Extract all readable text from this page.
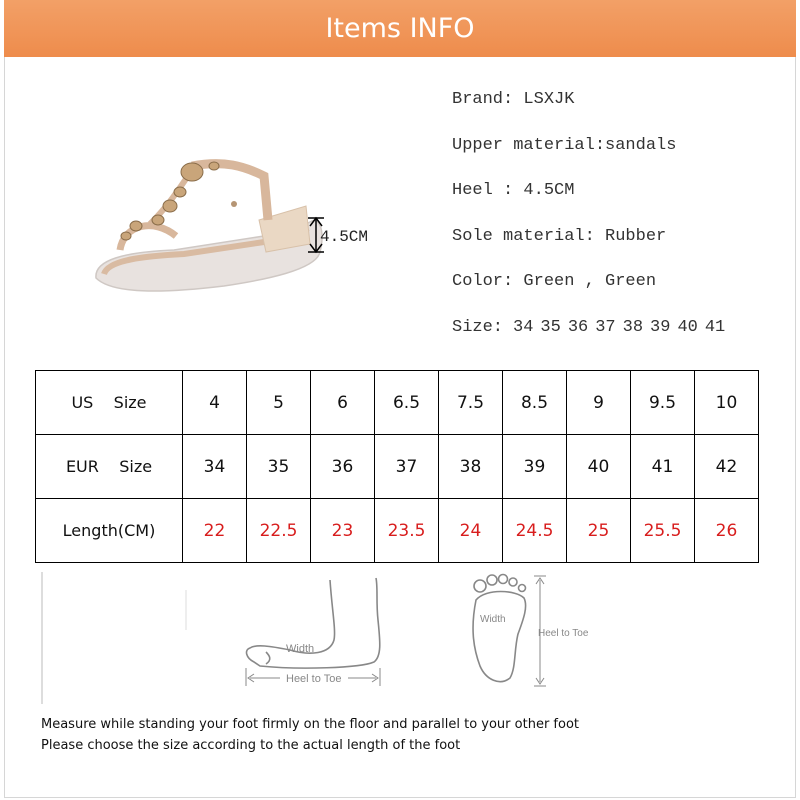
Items INFO
4.5CM
Brand: LSXJK
Upper material:sandals
Heel : 4.5CM
Sole material: Rubber
Color: Green , Green
Size: 34 35 36 37 38 39 40 41
US    Size	4	5	6	6.5	7.5	8.5	9	9.5	10
EUR    Size	34	35	36	37	38	39	40	41	42
Length(CM)	22	22.5	23	23.5	24	24.5	25	25.5	26
Width
Heel to Toe
Width
Heel to Toe
Measure while standing your foot firmly on the floor and parallel to your other foot
Please choose the size according to the actual length of the foot
